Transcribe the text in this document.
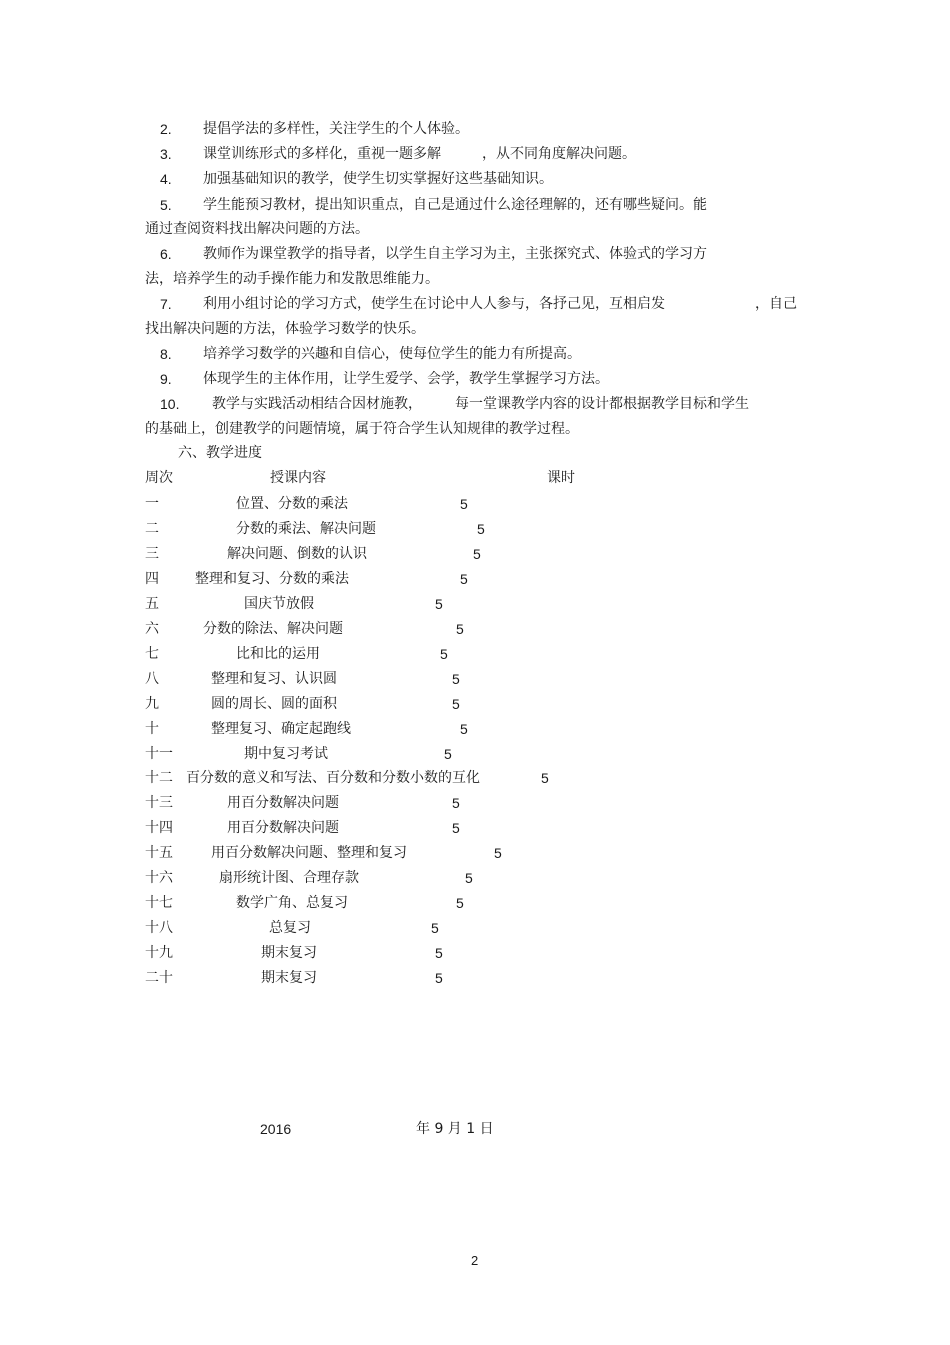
2. 提倡学法的多样性，关注学生的个人体验。
3. 课堂训练形式的多样化，重视一题多解	，从不同角度解决问题。
4. 加强基础知识的教学，使学生切实掌握好这些基础知识。
5. 学生能预习教材，提出知识重点，自己是通过什么途径理解的，还有哪些疑问。能
通过查阅资料找出解决问题的方法。
6. 教师作为课堂教学的指导者，以学生自主学习为主，主张探究式、体验式的学习方
法，培养学生的动手操作能力和发散思维能力。
7. 利用小组讨论的学习方式，使学生在讨论中人人参与，各抒己见，互相启发	，自己
找出解决问题的方法，体验学习数学的快乐。
8. 培养学习数学的兴趣和自信心，使每位学生的能力有所提高。
9. 体现学生的主体作用，让学生爱学、会学，教学生掌握学习方法。
10. 教学与实践活动相结合因材施教， 每一堂课教学内容的设计都根据教学目标和学生
的基础上，创建教学的问题情境，属于符合学生认知规律的教学过程。
六、教学进度
周次	授课内容	课时
一	位置、分数的乘法	5
二	分数的乘法、解决问题	5
三	解决问题、倒数的认识	5
四	整理和复习、分数的乘法	5
五	国庆节放假	5
六	分数的除法、解决问题	5
七	比和比的运用	5
八	整理和复习、认识圆	5
九	圆的周长、圆的面积	5
十	整理复习、确定起跑线	5
十一	期中复习考试	5
十二 百分数的意义和写法、百分数和分数小数的互化	5
十三	用百分数解决问题	5
十四	用百分数解决问题	5
十五	用百分数解决问题、整理和复习	5
十六	扇形统计图、合理存款	5
十七	数学广角、总复习	5
十八	总复习	5
十九	期末复习	5
二十	期末复习	5
2016	年 9 月 1 日
2
